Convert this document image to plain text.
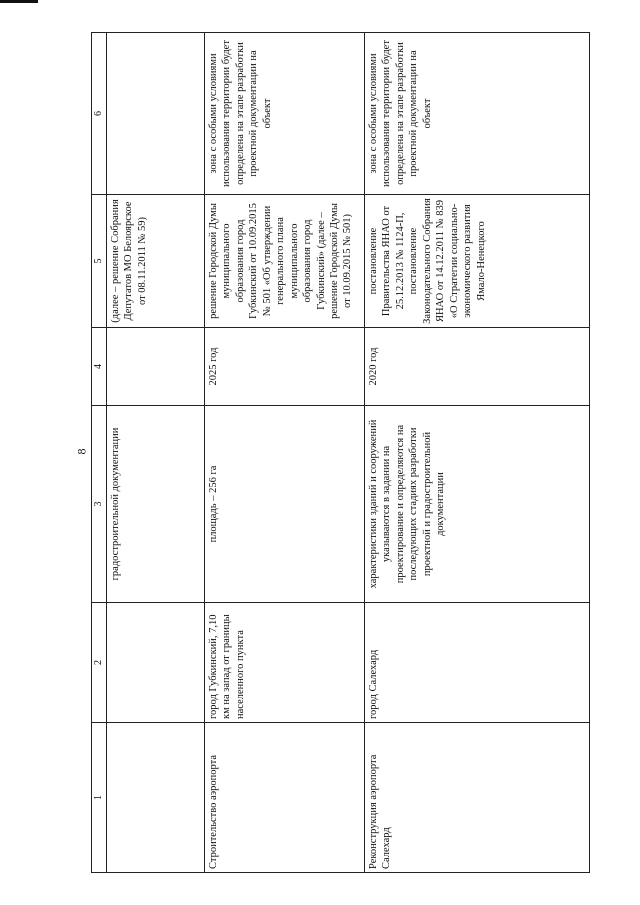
8
1	2	3	4	5	6
		градостроительной документации		(далее – решение Собрания Депутатов МО Белоярское от 08.11.2011 № 59)	
Строительство аэропорта	город Губкинский, 7,10 км на запад от границы населенного пункта	площадь – 256 га	2025 год	решение Городской Думы муниципального образования город Губкинский от 10.09.2015 № 501 «Об утверждении генерального плана муниципального образования город Губкинский» (далее – решение Городской Думы от 10.09.2015 № 501)	зона с особыми условиями использования территории будет определена на этапе разработки проектной документации на объект
Реконструкция аэропорта Салехард	город Салехард	характеристики зданий и сооружений указываются в задании на проектирование и определяются на последующих стадиях разработки проектной и градостроительной документации	2020 год	постановление Правительства ЯНАО от 25.12.2013 № 1124-П, постановление Законодательного Собрания ЯНАО от 14.12.2011 № 839 «О Стратегии социально-экономического развития Ямало-Ненецкого	зона с особыми условиями использования территории будет определена на этапе разработки проектной документации на объект
